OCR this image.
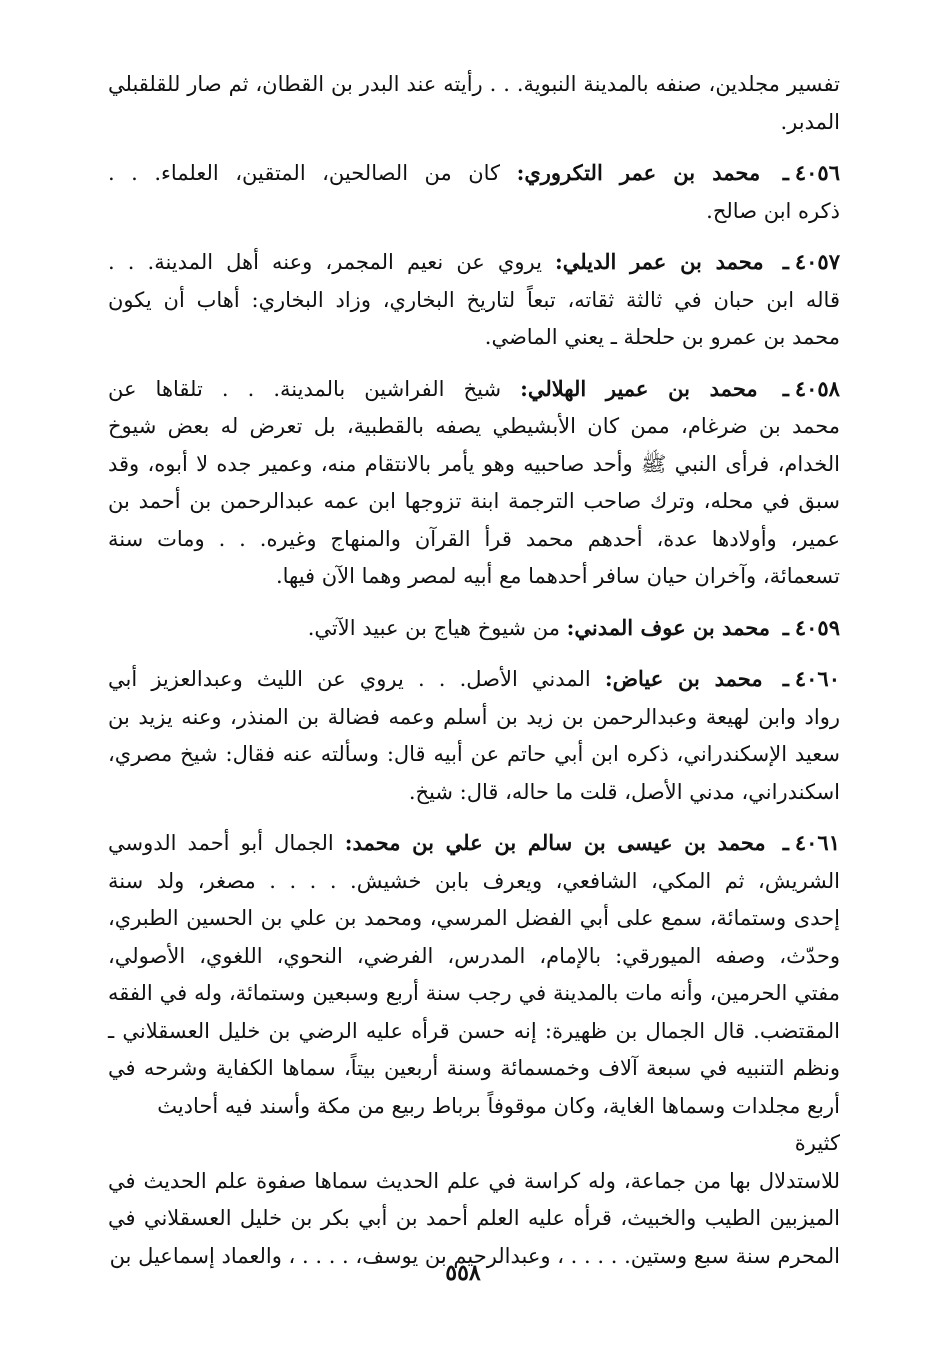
تفسير مجلدين، صنفه بالمدينة النبوية. . . رأيته عند البدر بن القطان، ثم صار للقلقبلي
المدبر.
٤٠٥٦ـ محمد بن عمر التكروري: كان من الصالحين، المتقين، العلماء. . .
ذكره ابن صالح.
٤٠٥٧ـ محمد بن عمر الديلي: يروي عن نعيم المجمر، وعنه أهل المدينة. . .
قاله ابن حبان في ثالثة ثقاته، تبعاً لتاريخ البخاري، وزاد البخاري: أهاب أن يكون
محمد بن عمرو بن حلحلة ـ يعني الماضي.
٤٠٥٨ـ محمد بن عمير الهلالي: شيخ الفراشين بالمدينة. . . تلقاها عن
محمد بن ضرغام، ممن كان الأبشيطي يصفه بالقطبية، بل تعرض له بعض شيوخ
الخدام، فرأى النبي ﷺ وأحد صاحبيه وهو يأمر بالانتقام منه، وعمير جده لا أبوه، وقد
سبق في محله، وترك صاحب الترجمة ابنة تزوجها ابن عمه عبدالرحمن بن أحمد بن
عمير، وأولادها عدة، أحدهم محمد قرأ القرآن والمنهاج وغيره. . . ومات سنة
تسعمائة، وآخران حيان سافر أحدهما مع أبيه لمصر وهما الآن فيها.
٤٠٥٩ـ محمد بن عوف المدني: من شيوخ هياج بن عبيد الآتي.
٤٠٦٠ـ محمد بن عياض: المدني الأصل. . . يروي عن الليث وعبدالعزيز أبي
رواد وابن لهيعة وعبدالرحمن بن زيد بن أسلم وعمه فضالة بن المنذر، وعنه يزيد بن
سعيد الإسكندراني، ذكره ابن أبي حاتم عن أبيه قال: وسألته عنه فقال: شيخ مصري،
اسكندراني، مدني الأصل، قلت ما حاله، قال: شيخ.
٤٠٦١ـ محمد بن عيسى بن سالم بن علي بن محمد: الجمال أبو أحمد الدوسي
الشريش، ثم المكي، الشافعي، ويعرف بابن خشيش. . . . . مصغر، ولد سنة
إحدى وستمائة، سمع على أبي الفضل المرسي، ومحمد بن علي بن الحسين الطبري،
وحدّث، وصفه الميورقي: بالإمام، المدرس، الفرضي، النحوي، اللغوي، الأصولي،
مفتي الحرمين، وأنه مات بالمدينة في رجب سنة أربع وسبعين وستمائة، وله في الفقه
المقتضب. قال الجمال بن ظهيرة: إنه حسن قرأه عليه الرضي بن خليل العسقلاني ـ
ونظم التنبيه في سبعة آلاف وخمسمائة وسنة أربعين بيتاً، سماها الكفاية وشرحه في
أربع مجلدات وسماها الغاية، وكان موقوفاً برباط ربيع من مكة وأسند فيه أحاديث كثيرة
للاستدلال بها من جماعة، وله كراسة في علم الحديث سماها صفوة علم الحديث في
الميزبين الطيب والخبيث، قرأه عليه العلم أحمد بن أبي بكر بن خليل العسقلاني في
المحرم سنة سبع وستين. . . . . ، وعبدالرحيم بن يوسف، . . . . ، والعماد إسماعيل بن
٥٥٨
